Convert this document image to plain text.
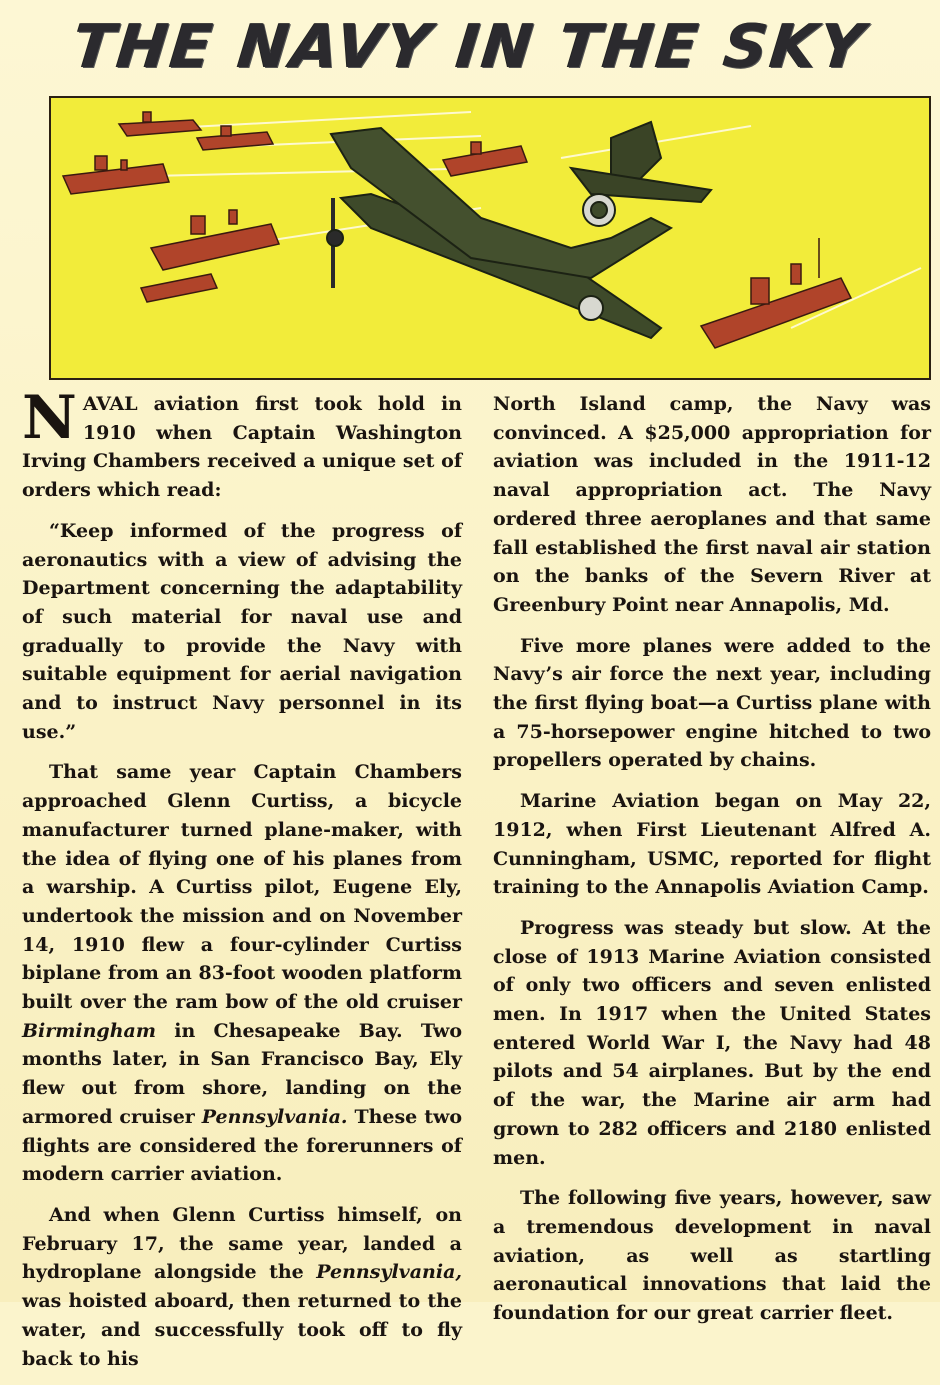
THE NAVY IN THE SKY

NAVAL aviation first took hold in 1910 when Captain Washington Irving Chambers received a unique set of orders which read:

“Keep informed of the progress of aeronautics with a view of advising the Department concerning the adaptability of such material for naval use and gradually to provide the Navy with suitable equipment for aerial navigation and to instruct Navy personnel in its use.”

That same year Captain Chambers approached Glenn Curtiss, a bicycle manufacturer turned plane-maker, with the idea of flying one of his planes from a warship. A Curtiss pilot, Eugene Ely, undertook the mission and on November 14, 1910 flew a four-cylinder Curtiss biplane from an 83-foot wooden platform built over the ram bow of the old cruiser Birmingham in Chesapeake Bay. Two months later, in San Francisco Bay, Ely flew out from shore, landing on the armored cruiser Pennsylvania. These two flights are considered the forerunners of modern carrier aviation.

And when Glenn Curtiss himself, on February 17, the same year, landed a hydroplane alongside the Pennsylvania, was hoisted aboard, then returned to the water, and successfully took off to fly back to his

North Island camp, the Navy was convinced. A $25,000 appropriation for aviation was included in the 1911-12 naval appropriation act. The Navy ordered three aeroplanes and that same fall established the first naval air station on the banks of the Severn River at Greenbury Point near Annapolis, Md.

Five more planes were added to the Navy’s air force the next year, including the first flying boat—a Curtiss plane with a 75-horsepower engine hitched to two propellers operated by chains.

Marine Aviation began on May 22, 1912, when First Lieutenant Alfred A. Cunningham, USMC, reported for flight training to the Annapolis Aviation Camp.

Progress was steady but slow. At the close of 1913 Marine Aviation consisted of only two officers and seven enlisted men. In 1917 when the United States entered World War I, the Navy had 48 pilots and 54 airplanes. But by the end of the war, the Marine air arm had grown to 282 officers and 2180 enlisted men.

The following five years, however, saw a tremendous development in naval aviation, as well as startling aeronautical innovations that laid the foundation for our great carrier fleet.
